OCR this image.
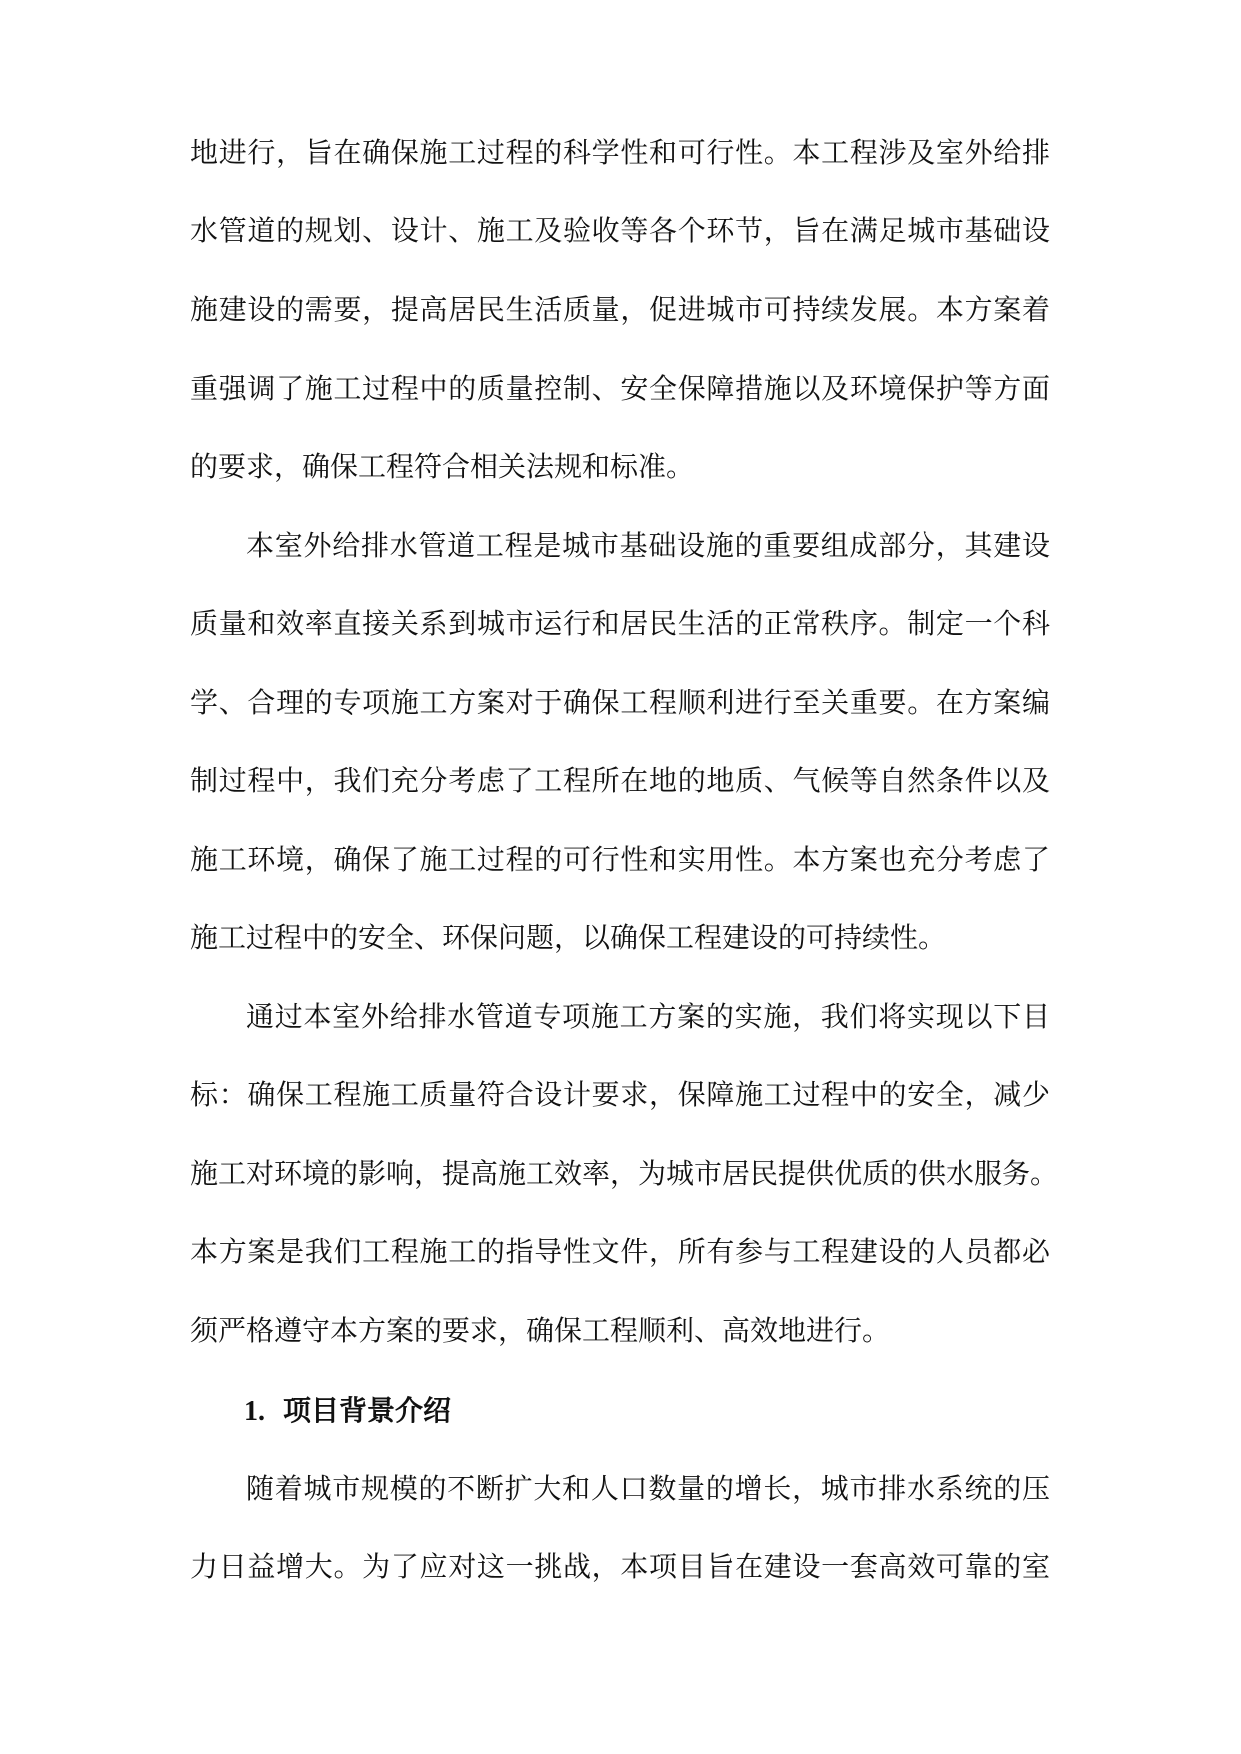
地进行，旨在确保施工过程的科学性和可行性。本工程涉及室外给排
水管道的规划、设计、施工及验收等各个环节，旨在满足城市基础设
施建设的需要，提高居民生活质量，促进城市可持续发展。本方案着
重强调了施工过程中的质量控制、安全保障措施以及环境保护等方面
的要求，确保工程符合相关法规和标准。
本室外给排水管道工程是城市基础设施的重要组成部分，其建设
质量和效率直接关系到城市运行和居民生活的正常秩序。制定一个科
学、合理的专项施工方案对于确保工程顺利进行至关重要。在方案编
制过程中，我们充分考虑了工程所在地的地质、气候等自然条件以及
施工环境，确保了施工过程的可行性和实用性。本方案也充分考虑了
施工过程中的安全、环保问题，以确保工程建设的可持续性。
通过本室外给排水管道专项施工方案的实施，我们将实现以下目
标：确保工程施工质量符合设计要求，保障施工过程中的安全，减少
施工对环境的影响，提高施工效率，为城市居民提供优质的供水服务。
本方案是我们工程施工的指导性文件，所有参与工程建设的人员都必
须严格遵守本方案的要求，确保工程顺利、高效地进行。
1. 项目背景介绍
随着城市规模的不断扩大和人口数量的增长，城市排水系统的压
力日益增大。为了应对这一挑战，本项目旨在建设一套高效可靠的室
